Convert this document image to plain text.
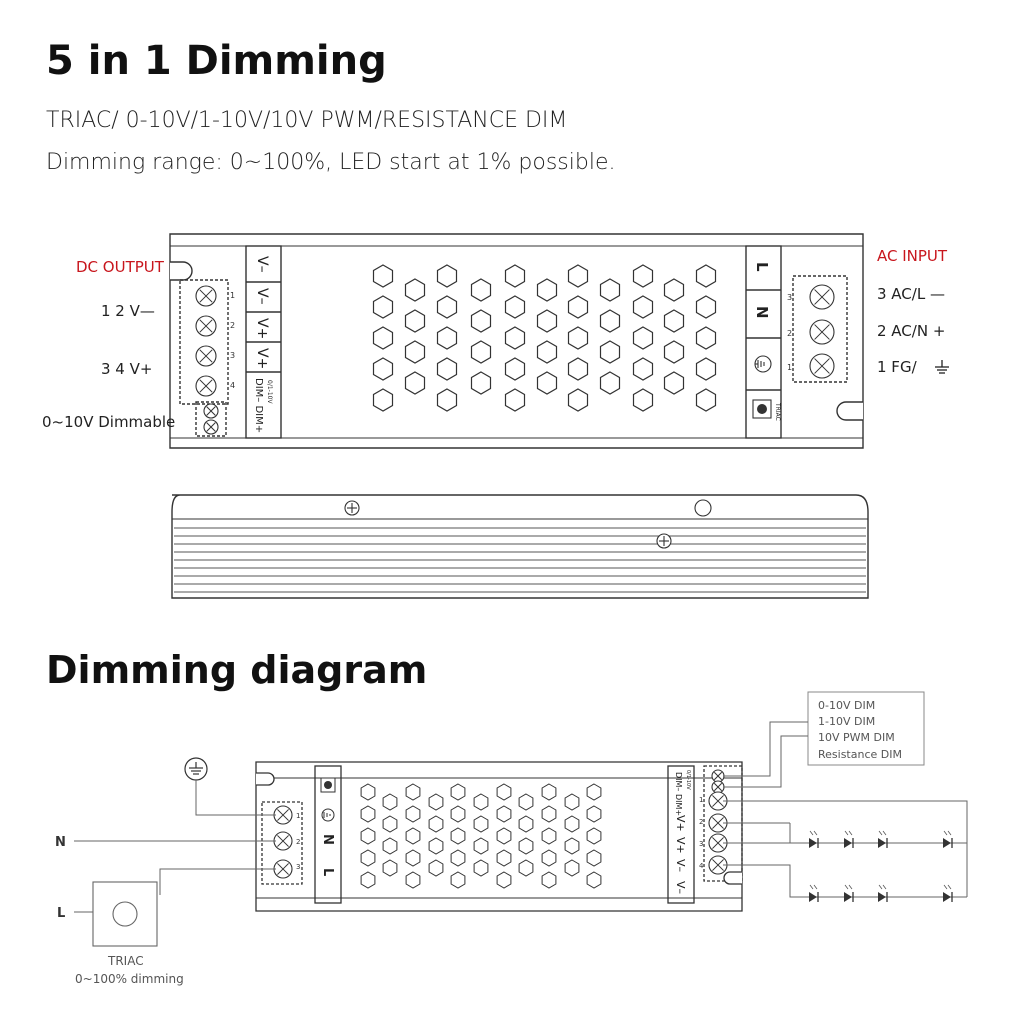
5 in 1 Dimming

TRIAC/ 0-10V/1-10V/10V PWM/RESISTANCE DIM

Dimming range: 0~100%, LED start at 1% possible.

Dimming diagram
DC OUTPUT
AC INPUT
1 2 V—
3 4 V+
0~10V Dimmable
3 AC/L —
2 AC/N +
1 FG/
V–
V–
V+
V+
DIM– DIM+ 0/1-10V
L
N
TRIAC
1
2
3
4
3
2
1
N
L
DIM– DIM+ 0/1-10V
V+
V+
V–
V–
1
2
3
1
2
3
4
N
L
TRIAC
0~100% dimming
0-10V DIM
1-10V DIM
10V PWM DIM
Resistance DIM
